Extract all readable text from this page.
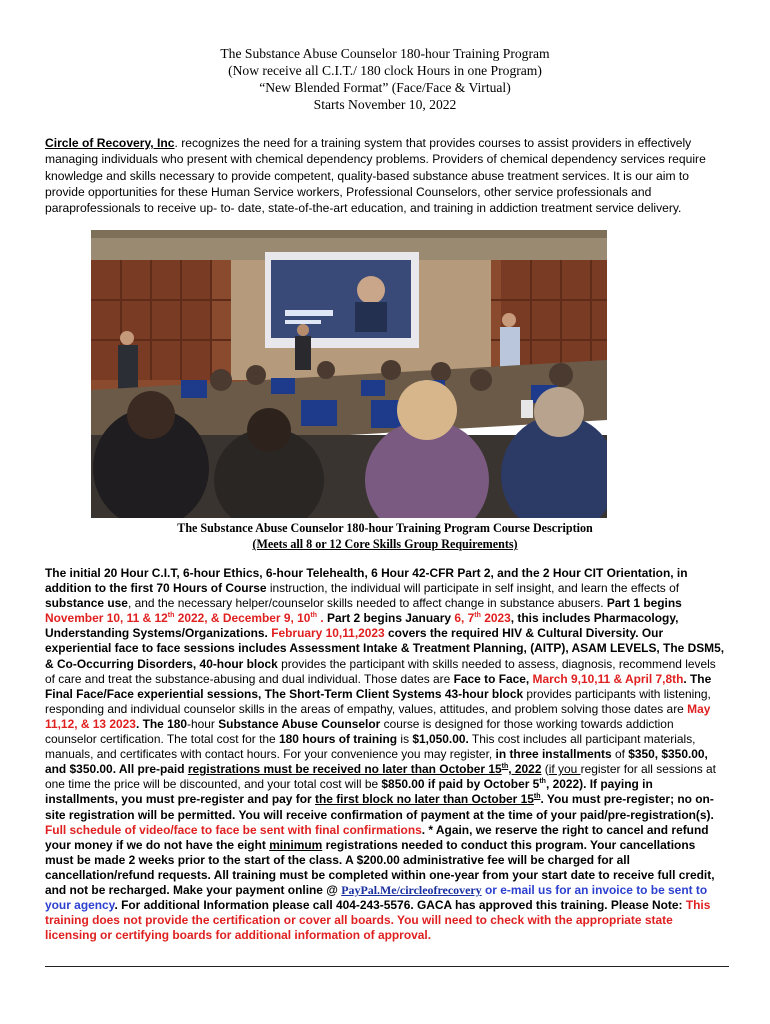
The Substance Abuse Counselor 180-hour Training Program
(Now receive all C.I.T./ 180 clock Hours in one Program)
“New Blended Format” (Face/Face & Virtual)
Starts November 10, 2022
Circle of Recovery, Inc. recognizes the need for a training system that provides courses to assist providers in effectively managing individuals who present with chemical dependency problems. Providers of chemical dependency services require knowledge and skills necessary to provide competent, quality-based substance abuse treatment services. It is our aim to provide opportunities for these Human Service workers, Professional Counselors, other service professionals and paraprofessionals to receive up- to- date, state-of-the-art education, and training in addiction treatment service delivery.
The Substance Abuse Counselor 180-hour Training Program Course Description
(Meets all 8 or 12 Core Skills Group Requirements)
The initial 20 Hour C.I.T, 6-hour Ethics, 6-hour Telehealth, 6 Hour 42-CFR Part 2, and the 2 Hour CIT Orientation, in addition to the first 70 Hours of Course instruction, the individual will participate in self insight, and learn the effects of substance use, and the necessary helper/counselor skills needed to affect change in substance abusers. Part 1 begins November 10, 11 & 12th 2022, & December 9, 10th . Part 2 begins January 6, 7th 2023, this includes Pharmacology, Understanding Systems/Organizations. February 10,11,2023 covers the required HIV & Cultural Diversity. Our experiential face to face sessions includes Assessment Intake & Treatment Planning, (AITP), ASAM LEVELS, The DSM5, & Co-Occurring Disorders, 40-hour block provides the participant with skills needed to assess, diagnosis, recommend levels of care and treat the substance-abusing and dual individual. Those dates are Face to Face, March 9,10,11 & April 7,8th. The Final Face/Face experiential sessions, The Short-Term Client Systems 43-hour block provides participants with listening, responding and individual counselor skills in the areas of empathy, values, attitudes, and problem solving those dates are May 11,12, & 13 2023. The 180-hour Substance Abuse Counselor course is designed for those working towards addiction counselor certification. The total cost for the 180 hours of training is $1,050.00. This cost includes all participant materials, manuals, and certificates with contact hours. For your convenience you may register, in three installments of $350, $350.00, and $350.00. All pre-paid registrations must be received no later than October 15th, 2022 (if you register for all sessions at one time the price will be discounted, and your total cost will be $850.00 if paid by October 5th, 2022). If paying in installments, you must pre-register and pay for the first block no later than October 15th. You must pre-register; no on-site registration will be permitted. You will receive confirmation of payment at the time of your paid/pre-registration(s). Full schedule of video/face to face be sent with final confirmations. * Again, we reserve the right to cancel and refund your money if we do not have the eight minimum registrations needed to conduct this program. Your cancellations must be made 2 weeks prior to the start of the class. A $200.00 administrative fee will be charged for all cancellation/refund requests. All training must be completed within one-year from your start date to receive full credit, and not be recharged. Make your payment online @ PayPal.Me/circleofrecovery or e-mail us for an invoice to be sent to your agency. For additional Information please call 404-243-5576. GACA has approved this training. Please Note: This training does not provide the certification or cover all boards. You will need to check with the appropriate state licensing or certifying boards for additional information of approval.
